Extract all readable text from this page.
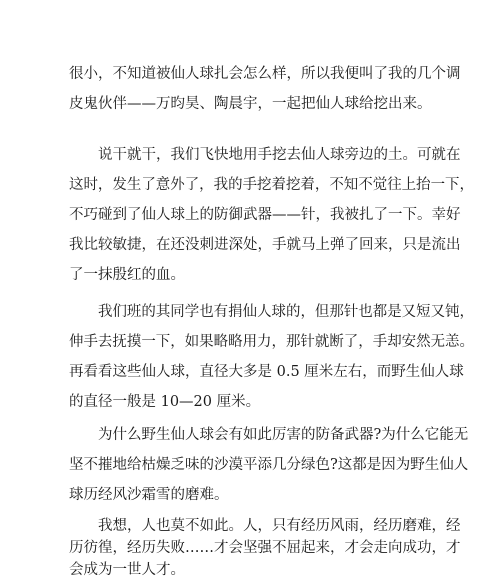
很小，不知道被仙人球扎会怎么样，所以我便叫了我的几个调
皮鬼伙伴——万昀昊、陶晨宇，一起把仙人球给挖出来。
说干就干，我们飞快地用手挖去仙人球旁边的土。可就在
这时，发生了意外了，我的手挖着挖着，不知不觉往上抬一下，
不巧碰到了仙人球上的防御武器——针，我被扎了一下。幸好
我比较敏捷，在还没刺进深处，手就马上弹了回来，只是流出
了一抹殷红的血。
我们班的其同学也有捐仙人球的，但那针也都是又短又钝，
伸手去抚摸一下，如果略略用力，那针就断了，手却安然无恙。
再看看这些仙人球，直径大多是 0.5 厘米左右，而野生仙人球
的直径一般是 10—20 厘米。
为什么野生仙人球会有如此厉害的防备武器?为什么它能无
坚不摧地给枯燥乏味的沙漠平添几分绿色?这都是因为野生仙人
球历经风沙霜雪的磨难。
我想，人也莫不如此。人，只有经历风雨，经历磨难，经
历彷徨，经历失败……才会坚强不屈起来，才会走向成功，才
会成为一世人才。
